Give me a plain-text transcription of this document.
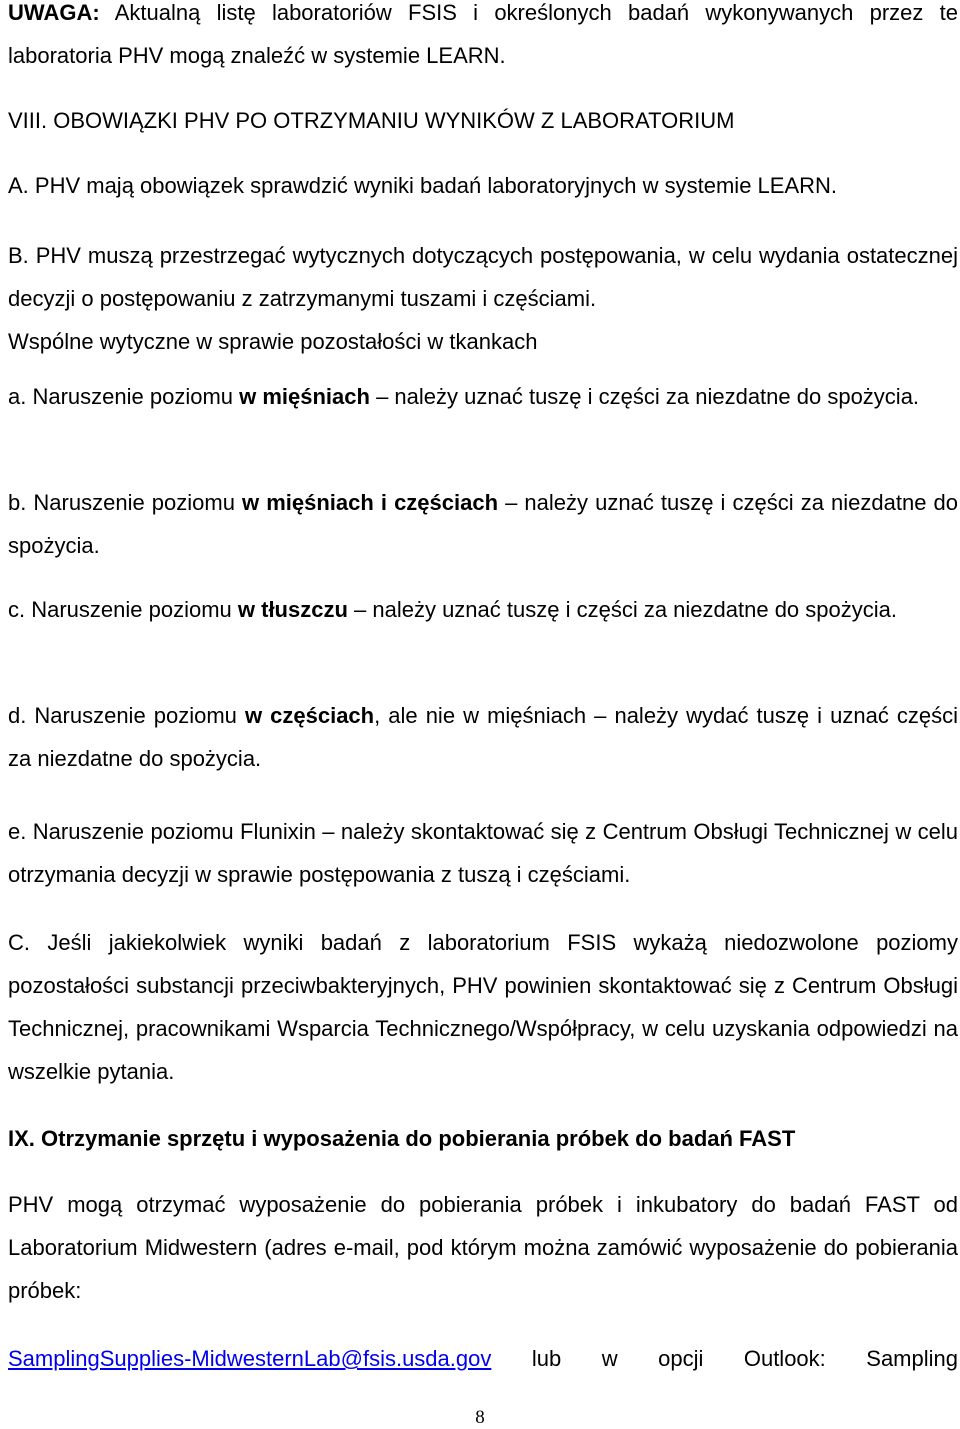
UWAGA: Aktualną listę laboratoriów FSIS i określonych badań wykonywanych przez te laboratoria PHV mogą znaleźć w systemie LEARN.

VIII. OBOWIĄZKI PHV PO OTRZYMANIU WYNIKÓW Z LABORATORIUM

A. PHV mają obowiązek sprawdzić wyniki badań laboratoryjnych w systemie LEARN.

B. PHV muszą przestrzegać wytycznych dotyczących postępowania, w celu wydania ostatecznej decyzji o postępowaniu z zatrzymanymi tuszami i częściami.

Wspólne wytyczne w sprawie pozostałości w tkankach

a. Naruszenie poziomu w mięśniach – należy uznać tuszę i części za niezdatne do spożycia.

b. Naruszenie poziomu w mięśniach i częściach – należy uznać tuszę i części za niezdatne do spożycia.

c. Naruszenie poziomu w tłuszczu – należy uznać tuszę i części za niezdatne do spożycia.

d. Naruszenie poziomu w częściach, ale nie w mięśniach – należy wydać tuszę i uznać części za niezdatne do spożycia.

e. Naruszenie poziomu Flunixin – należy skontaktować się z Centrum Obsługi Technicznej w celu otrzymania decyzji w sprawie postępowania z tuszą i częściami.

C. Jeśli jakiekolwiek wyniki badań z laboratorium FSIS wykażą niedozwolone poziomy pozostałości substancji przeciwbakteryjnych, PHV powinien skontaktować się z Centrum Obsługi Technicznej, pracownikami Wsparcia Technicznego/Współpracy, w celu uzyskania odpowiedzi na wszelkie pytania.

IX. Otrzymanie sprzętu i wyposażenia do pobierania próbek do badań FAST

PHV mogą otrzymać wyposażenie do pobierania próbek i inkubatory do badań FAST od Laboratorium Midwestern (adres e-mail, pod którym można zamówić wyposażenie do pobierania próbek:

SamplingSupplies-MidwesternLab@fsis.usda.gov lub w opcji Outlook: Sampling

8
